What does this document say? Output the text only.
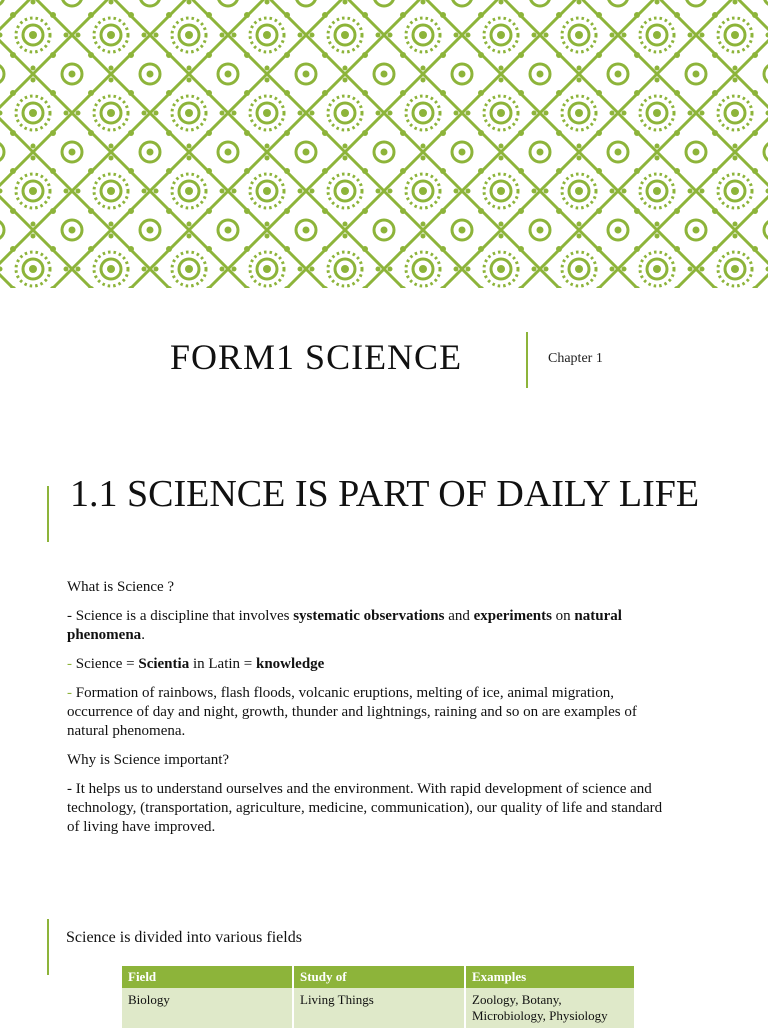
FORM1 SCIENCE	Chapter 1
1.1 SCIENCE IS PART OF DAILY LIFE

What is Science ?

- Science is a discipline that involves systematic observations and experiments on natural phenomena.

- Science = Scientia in Latin = knowledge

- Formation of rainbows, flash floods, volcanic eruptions, melting of ice, animal migration, occurrence of day and night, growth, thunder and lightnings, raining and so on are examples of natural phenomena.

Why is Science important?

- It helps us to understand ourselves and the environment. With rapid development of science and technology, (transportation, agriculture, medicine, communication), our quality of life and standard of living have improved.

Science is divided into various fields
Field	Study of	Examples
Biology	Living Things	Zoology, Botany, Microbiology, Physiology
